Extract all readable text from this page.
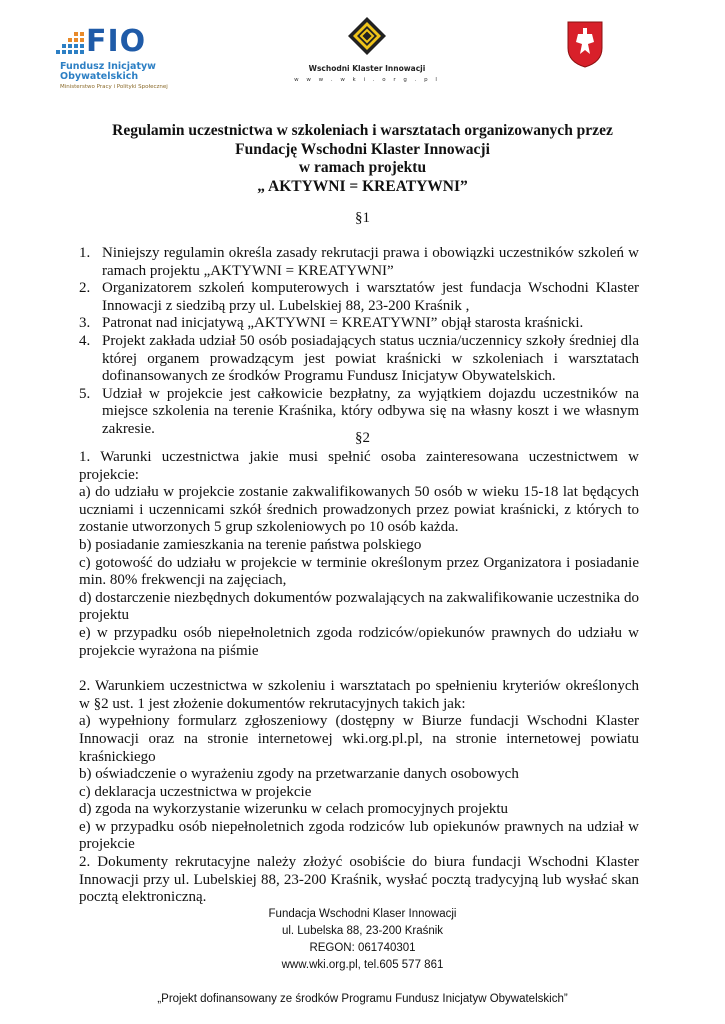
FIO
Fundusz Inicjatyw
Obywatelskich
Ministerstwo Pracy i Polityki Społecznej
Wschodni Klaster Innowacji
w w w . w k i . o r g . p l
Regulamin uczestnictwa w szkoleniach i warsztatach organizowanych przez
Fundację Wschodni Klaster Innowacji
w ramach projektu
„ AKTYWNI = KREATYWNI”
§1
1. Niniejszy regulamin określa zasady rekrutacji prawa i obowiązki uczestników szkoleń w ramach projektu „AKTYWNI = KREATYWNI”
2. Organizatorem szkoleń komputerowych i warsztatów jest fundacja Wschodni Klaster Innowacji z siedzibą przy ul. Lubelskiej 88, 23-200 Kraśnik ,
3. Patronat nad inicjatywą „AKTYWNI = KREATYWNI” objął starosta kraśnicki.
4. Projekt zakłada udział 50 osób posiadających status ucznia/uczennicy szkoły średniej dla której organem prowadzącym jest powiat kraśnicki w szkoleniach i warsztatach dofinansowanych ze środków Programu Fundusz Inicjatyw Obywatelskich.
5. Udział w projekcie jest całkowicie bezpłatny, za wyjątkiem dojazdu uczestników na miejsce szkolenia na terenie Kraśnika, który odbywa się na własny koszt i we własnym zakresie.
§2

1. Warunki uczestnictwa jakie musi spełnić osoba zainteresowana uczestnictwem w projekcie:

a) do udziału w projekcie zostanie zakwalifikowanych 50 osób w wieku 15-18 lat będących uczniami i uczennicami szkół średnich prowadzonych przez powiat kraśnicki, z których to zostanie utworzonych 5 grup szkoleniowych po 10 osób każda.

b) posiadanie zamieszkania na terenie państwa polskiego

c) gotowość do udziału w projekcie w terminie określonym przez Organizatora i posiadanie min. 80% frekwencji na zajęciach,

d) dostarczenie niezbędnych dokumentów pozwalających na zakwalifikowanie uczestnika do projektu

e) w przypadku osób niepełnoletnich zgoda rodziców/opiekunów prawnych do udziału w projekcie wyrażona na piśmie

2. Warunkiem uczestnictwa w szkoleniu i warsztatach po spełnieniu kryteriów określonych w §2 ust. 1 jest złożenie dokumentów rekrutacyjnych takich jak:

a) wypełniony formularz zgłoszeniowy (dostępny w Biurze fundacji Wschodni Klaster Innowacji oraz na stronie internetowej wki.org.pl.pl, na stronie internetowej powiatu kraśnickiego

b) oświadczenie o wyrażeniu zgody na przetwarzanie danych osobowych

c) deklaracja uczestnictwa w projekcie

d) zgoda na wykorzystanie wizerunku w celach promocyjnych projektu

e) w przypadku osób niepełnoletnich zgoda rodziców lub opiekunów prawnych na udział w projekcie

2. Dokumenty rekrutacyjne należy złożyć osobiście do biura fundacji Wschodni Klaster Innowacji przy ul. Lubelskiej 88, 23-200 Kraśnik, wysłać pocztą tradycyjną lub wysłać skan pocztą elektroniczną.

Fundacja Wschodni Klaser Innowacji
ul. Lubelska 88, 23-200 Kraśnik
REGON: 061740301
www.wki.org.pl, tel.605 577 861
„Projekt dofinansowany ze środków Programu Fundusz Inicjatyw Obywatelskich”
